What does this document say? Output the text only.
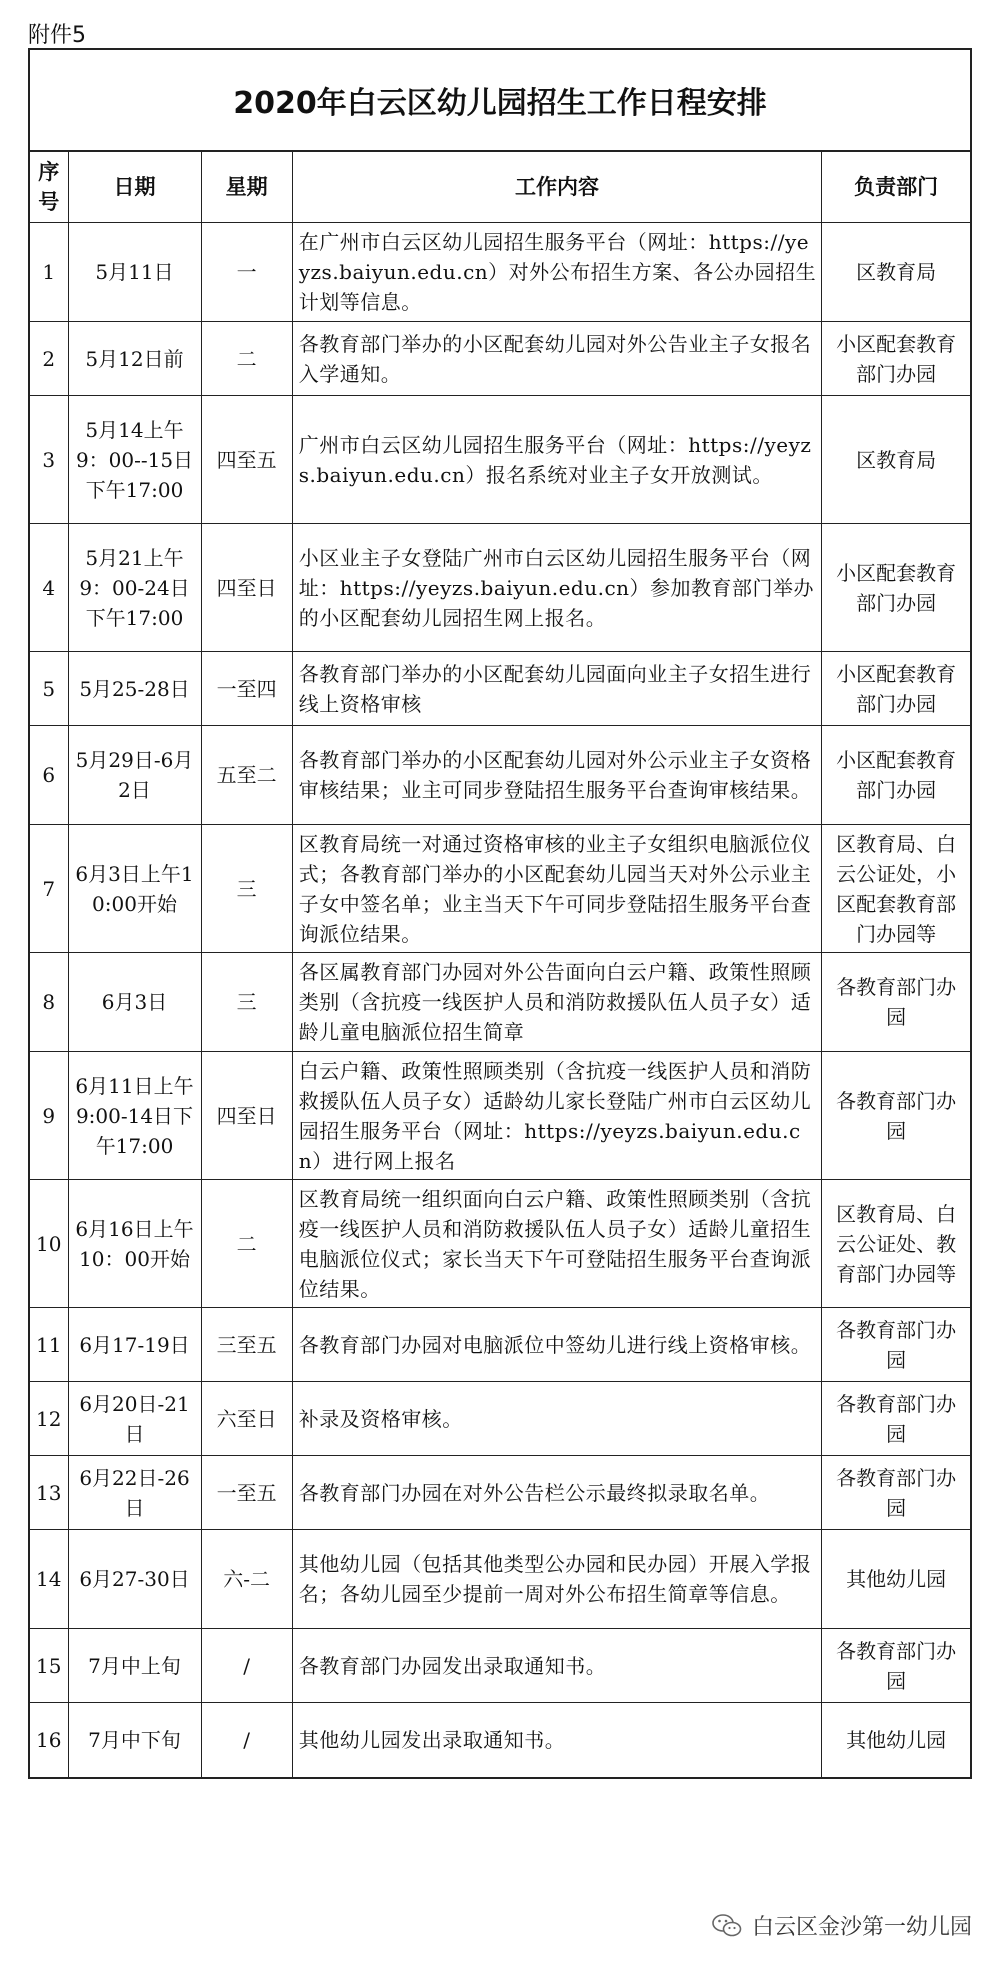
附件5
2020年白云区幼儿园招生工作日程安排
序号	日期	星期	工作内容	负责部门
1	5月11日	一	在广州市白云区幼儿园招生服务平台（网址：https://yeyzs.baiyun.edu.cn）对外公布招生方案、各公办园招生计划等信息。	区教育局
2	5月12日前	二	各教育部门举办的小区配套幼儿园对外公告业主子女报名入学通知。	小区配套教育部门办园
3	5月14上午9：00--15日下午17:00	四至五	广州市白云区幼儿园招生服务平台（网址：https://yeyzs.baiyun.edu.cn）报名系统对业主子女开放测试。	区教育局
4	5月21上午9：00-24日下午17:00	四至日	小区业主子女登陆广州市白云区幼儿园招生服务平台（网址：https://yeyzs.baiyun.edu.cn）参加教育部门举办的小区配套幼儿园招生网上报名。	小区配套教育部门办园
5	5月25-28日	一至四	各教育部门举办的小区配套幼儿园面向业主子女招生进行线上资格审核	小区配套教育部门办园
6	5月29日-6月2日	五至二	各教育部门举办的小区配套幼儿园对外公示业主子女资格审核结果；业主可同步登陆招生服务平台查询审核结果。	小区配套教育部门办园
7	6月3日上午10:00开始	三	区教育局统一对通过资格审核的业主子女组织电脑派位仪式；各教育部门举办的小区配套幼儿园当天对外公示业主子女中签名单；业主当天下午可同步登陆招生服务平台查询派位结果。	区教育局、白云公证处，小区配套教育部门办园等
8	6月3日	三	各区属教育部门办园对外公告面向白云户籍、政策性照顾类别（含抗疫一线医护人员和消防救援队伍人员子女）适龄儿童电脑派位招生简章	各教育部门办园
9	6月11日上午9:00-14日下午17:00	四至日	白云户籍、政策性照顾类别（含抗疫一线医护人员和消防救援队伍人员子女）适龄幼儿家长登陆广州市白云区幼儿园招生服务平台（网址：https://yeyzs.baiyun.edu.cn）进行网上报名	各教育部门办园
10	6月16日上午10：00开始	二	区教育局统一组织面向白云户籍、政策性照顾类别（含抗疫一线医护人员和消防救援队伍人员子女）适龄儿童招生电脑派位仪式；家长当天下午可登陆招生服务平台查询派位结果。	区教育局、白云公证处、教育部门办园等
11	6月17-19日	三至五	各教育部门办园对电脑派位中签幼儿进行线上资格审核。	各教育部门办园
12	6月20日-21日	六至日	补录及资格审核。	各教育部门办园
13	6月22日-26日	一至五	各教育部门办园在对外公告栏公示最终拟录取名单。	各教育部门办园
14	6月27-30日	六-二	其他幼儿园（包括其他类型公办园和民办园）开展入学报名；各幼儿园至少提前一周对外公布招生简章等信息。	其他幼儿园
15	7月中上旬	/	各教育部门办园发出录取通知书。	各教育部门办园
16	7月中下旬	/	其他幼儿园发出录取通知书。	其他幼儿园
白云区金沙第一幼儿园
